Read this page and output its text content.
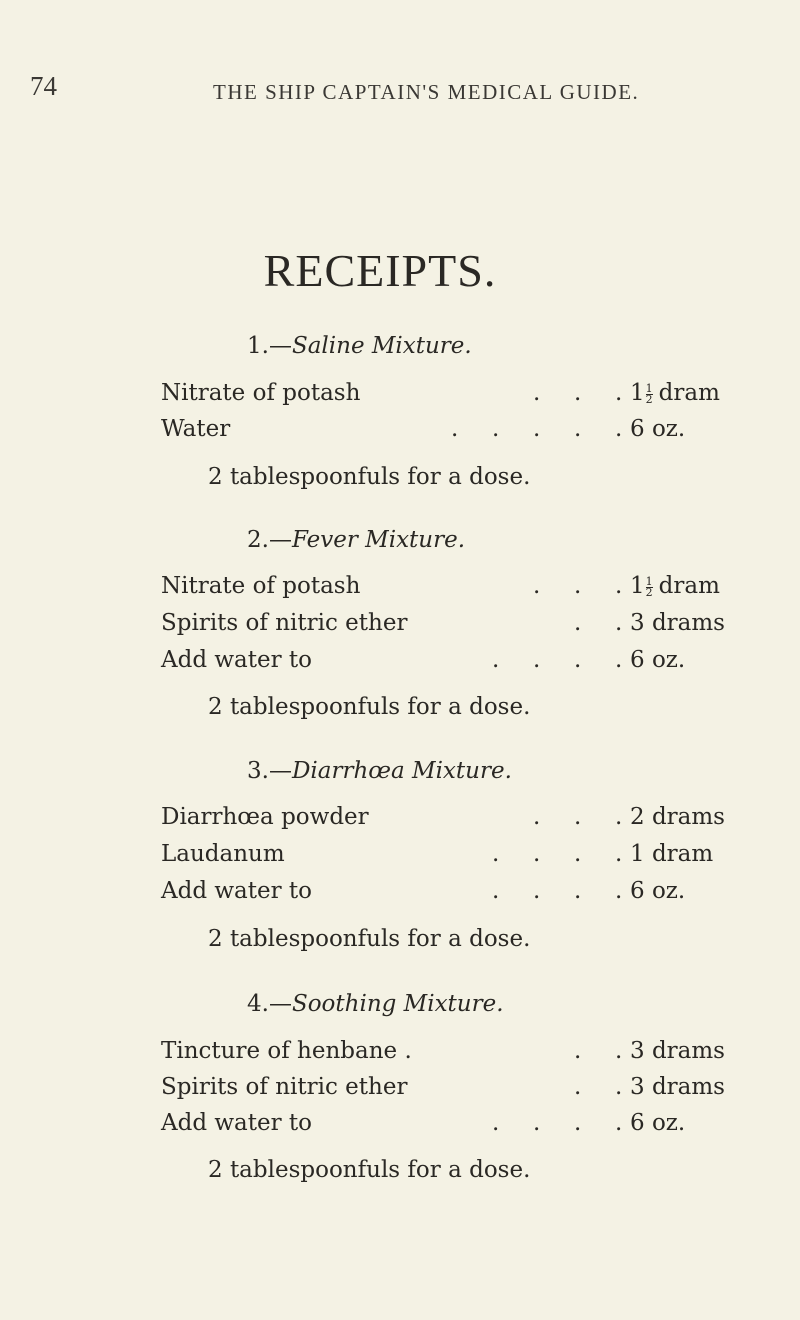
74	THE SHIP CAPTAIN'S MEDICAL GUIDE.
RECEIPTS.
1.—Saline Mixture.
Nitrate of potash	$1 \frac{1}{2}$ dram
. . .
Water	6 oz.
. . . . .
2 tablespoonfuls for a dose.
2.—Fever Mixture.
Nitrate of potash	$1 \frac{1}{2}$ dram
. . .
Spirits of nitric ether	3 drams
. .
Add water to	6 oz.
. . . .
2 tablespoonfuls for a dose.
3.—Diarrhœa Mixture.
Diarrhœa powder	2 drams
. . .
Laudanum	1 dram
. . . .
Add water to	6 oz.
. . . .
2 tablespoonfuls for a dose.
4.—Soothing Mixture.
Tincture of henbane .	3 drams
. .
Spirits of nitric ether	3 drams
. .
Add water to	6 oz.
. . . .
2 tablespoonfuls for a dose.
